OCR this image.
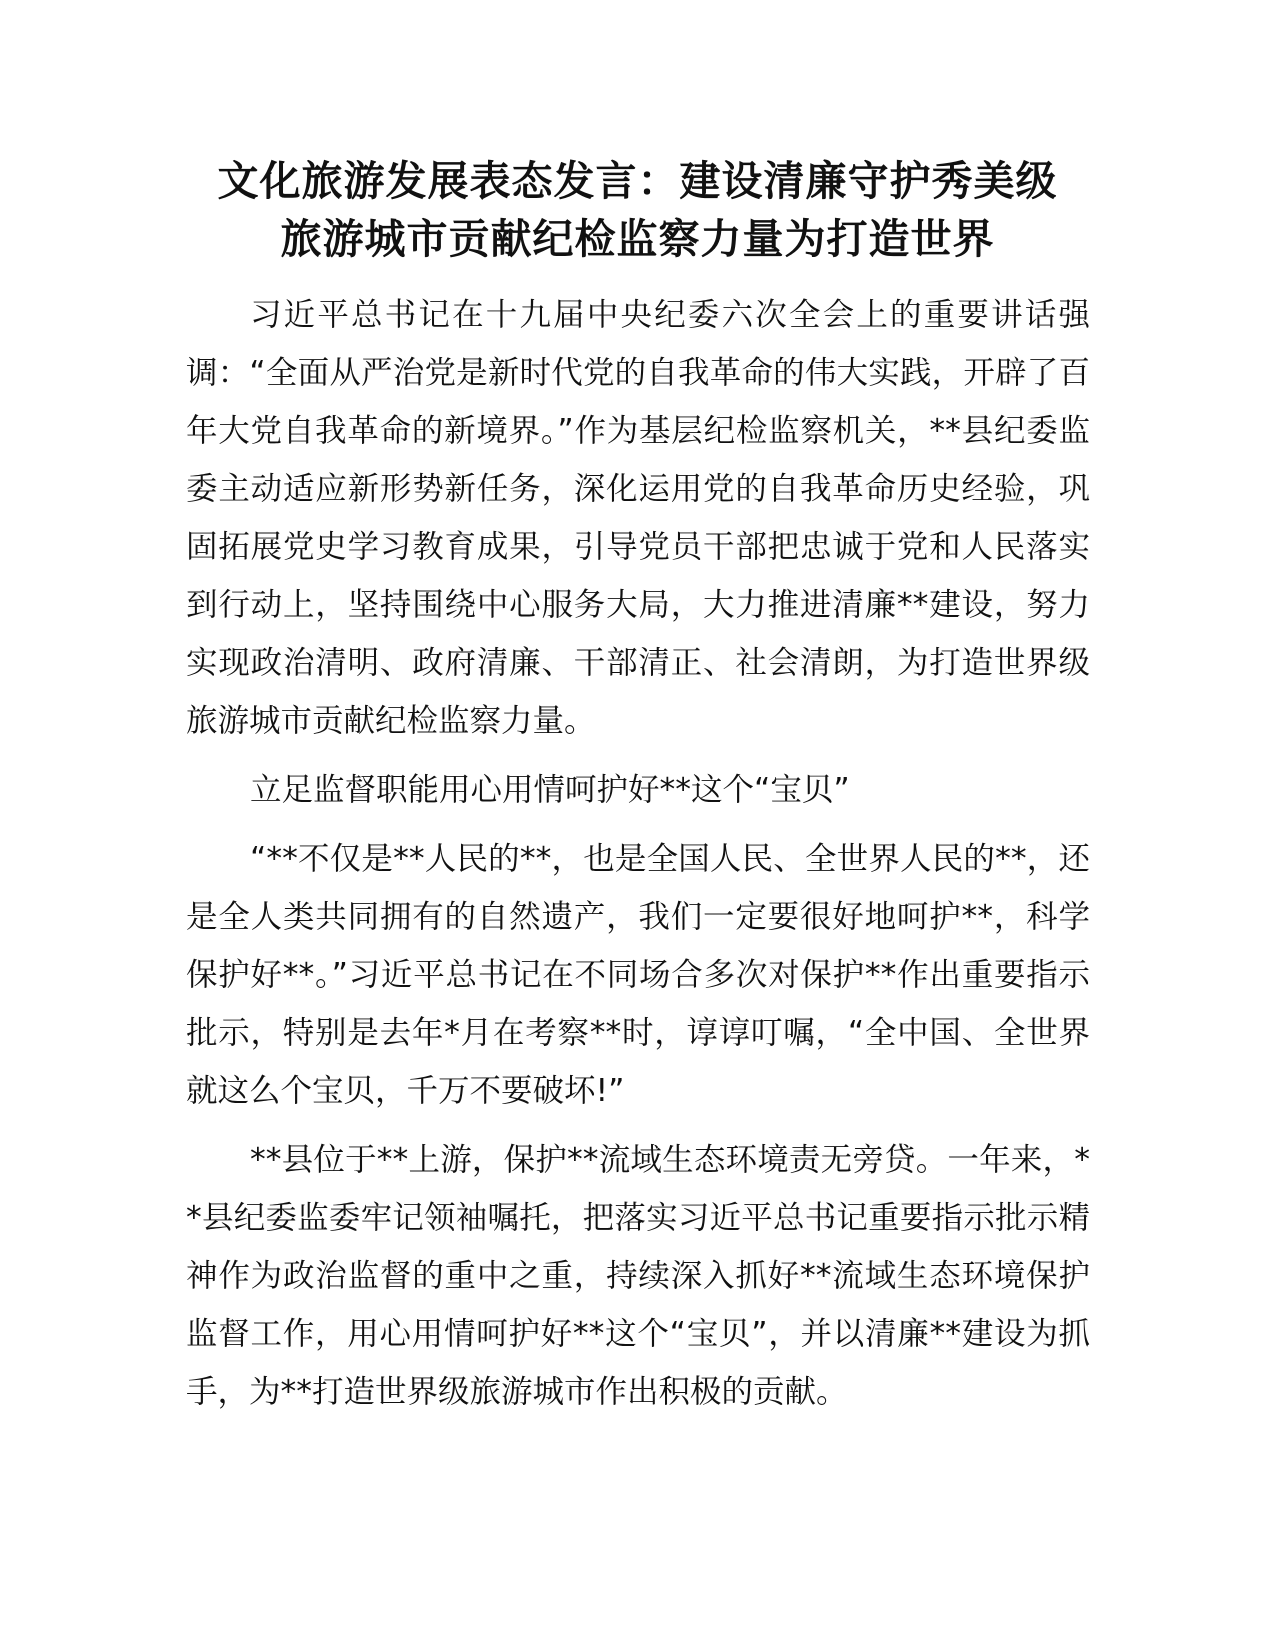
文化旅游发展表态发言：建设清廉守护秀美级
旅游城市贡献纪检监察力量为打造世界

习近平总书记在十九届中央纪委六次全会上的重要讲话强调：“全面从严治党是新时代党的自我革命的伟大实践，开辟了百年大党自我革命的新境界。”作为基层纪检监察机关，**县纪委监委主动适应新形势新任务，深化运用党的自我革命历史经验，巩固拓展党史学习教育成果，引导党员干部把忠诚于党和人民落实到行动上，坚持围绕中心服务大局，大力推进清廉**建设，努力实现政治清明、政府清廉、干部清正、社会清朗，为打造世界级旅游城市贡献纪检监察力量。

立足监督职能用心用情呵护好**这个“宝贝”

“**不仅是**人民的**，也是全国人民、全世界人民的**，还是全人类共同拥有的自然遗产，我们一定要很好地呵护**，科学保护好**。”习近平总书记在不同场合多次对保护**作出重要指示批示，特别是去年*月在考察**时，谆谆叮嘱，“全中国、全世界就这么个宝贝，千万不要破坏!”

**县位于**上游，保护**流域生态环境责无旁贷。一年来，**县纪委监委牢记领袖嘱托，把落实习近平总书记重要指示批示精神作为政治监督的重中之重，持续深入抓好**流域生态环境保护监督工作，用心用情呵护好**这个“宝贝”，并以清廉**建设为抓手，为**打造世界级旅游城市作出积极的贡献。
